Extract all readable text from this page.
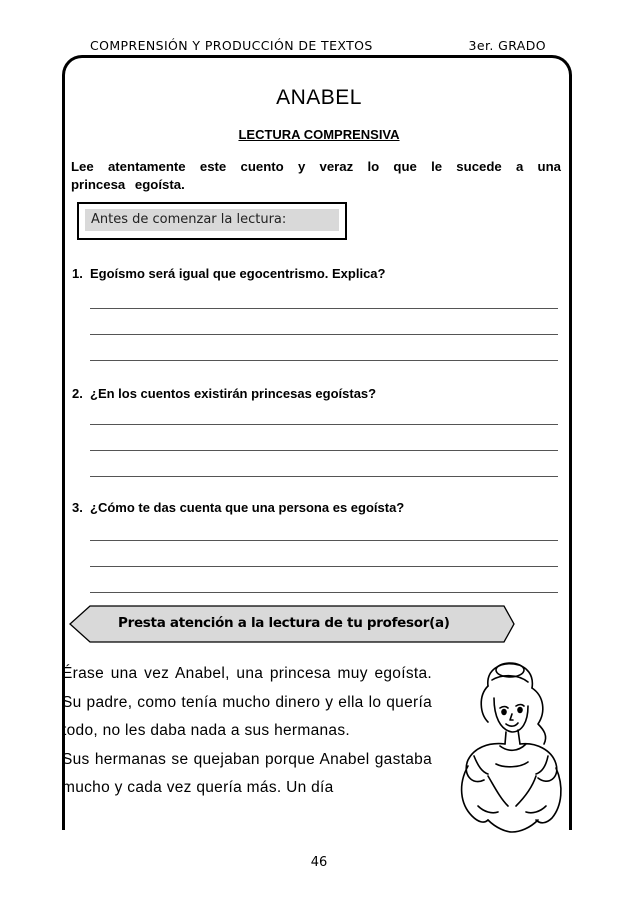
COMPRENSIÓN Y PRODUCCIÓN DE TEXTOS	3er. GRADO
ANABEL
LECTURA COMPRENSIVA
Lee atentamente este cuento y veraz lo que le sucede a una princesa egoísta.
Antes de comenzar la lectura:
1. Egoísmo será igual que egocentrismo. Explica?
2. ¿En los cuentos existirán princesas egoístas?
3. ¿Cómo te das cuenta que una persona es egoísta?
Presta atención a la lectura de tu profesor(a)

Érase una vez Anabel, una princesa muy egoísta. Su padre, como tenía mucho dinero y ella lo quería todo, no les daba nada a sus hermanas.

Sus hermanas se quejaban porque Anabel gastaba mucho y cada vez quería más. Un día

46
